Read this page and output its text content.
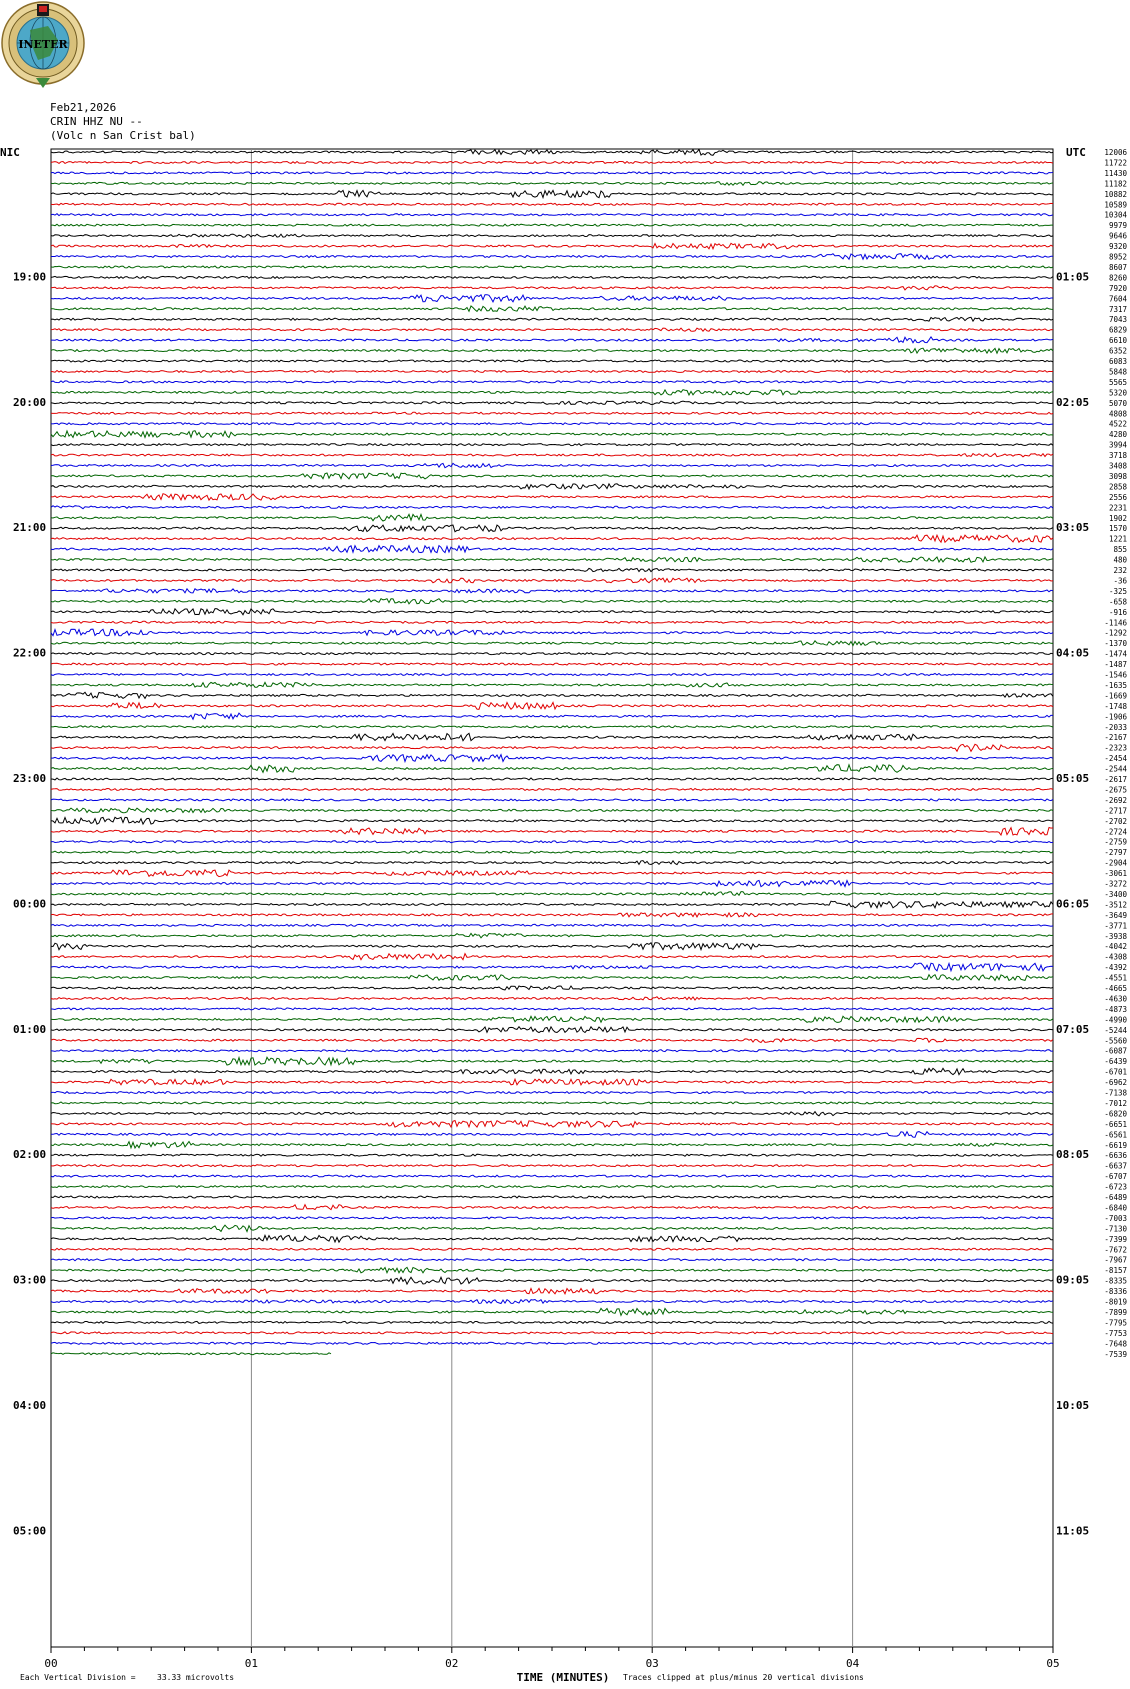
INETER
Feb21,2026
CRIN HHZ NU --
(Volc n San Crist bal)
NIC	UTC
19:00
20:00
21:00
22:00
23:00
00:00
01:00
02:00
03:00
04:00
05:00
01:05
02:05
03:05
04:05
05:05
06:05
07:05
08:05
09:05
10:05
11:05
12006
11722
11430
11182
10882
10589
10304
9979
9646
9320
8952
8607
8260
7920
7604
7317
7043
6829
6610
6352
6083
5848
5565
5320
5070
4808
4522
4280
3994
3718
3408
3098
2858
2556
2231
1902
1570
1221
855
480
232
-36
-325
-658
-916
-1146
-1292
-1370
-1474
-1487
-1546
-1635
-1669
-1748
-1906
-2033
-2167
-2323
-2454
-2544
-2617
-2675
-2692
-2717
-2702
-2724
-2759
-2797
-2904
-3061
-3272
-3400
-3512
-3649
-3771
-3938
-4042
-4308
-4392
-4551
-4665
-4630
-4873
-4990
-5244
-5560
-6087
-6439
-6701
-6962
-7138
-7012
-6820
-6651
-6561
-6619
-6636
-6637
-6707
-6723
-6489
-6840
-7003
-7130
-7399
-7672
-7967
-8157
-8335
-8336
-8019
-7899
-7795
-7753
-7648
-7539
00	01	02	03	04	05
TIME (MINUTES)
Each Vertical Division =	33.33 microvolts	Traces clipped at plus/minus 20 vertical divisions
